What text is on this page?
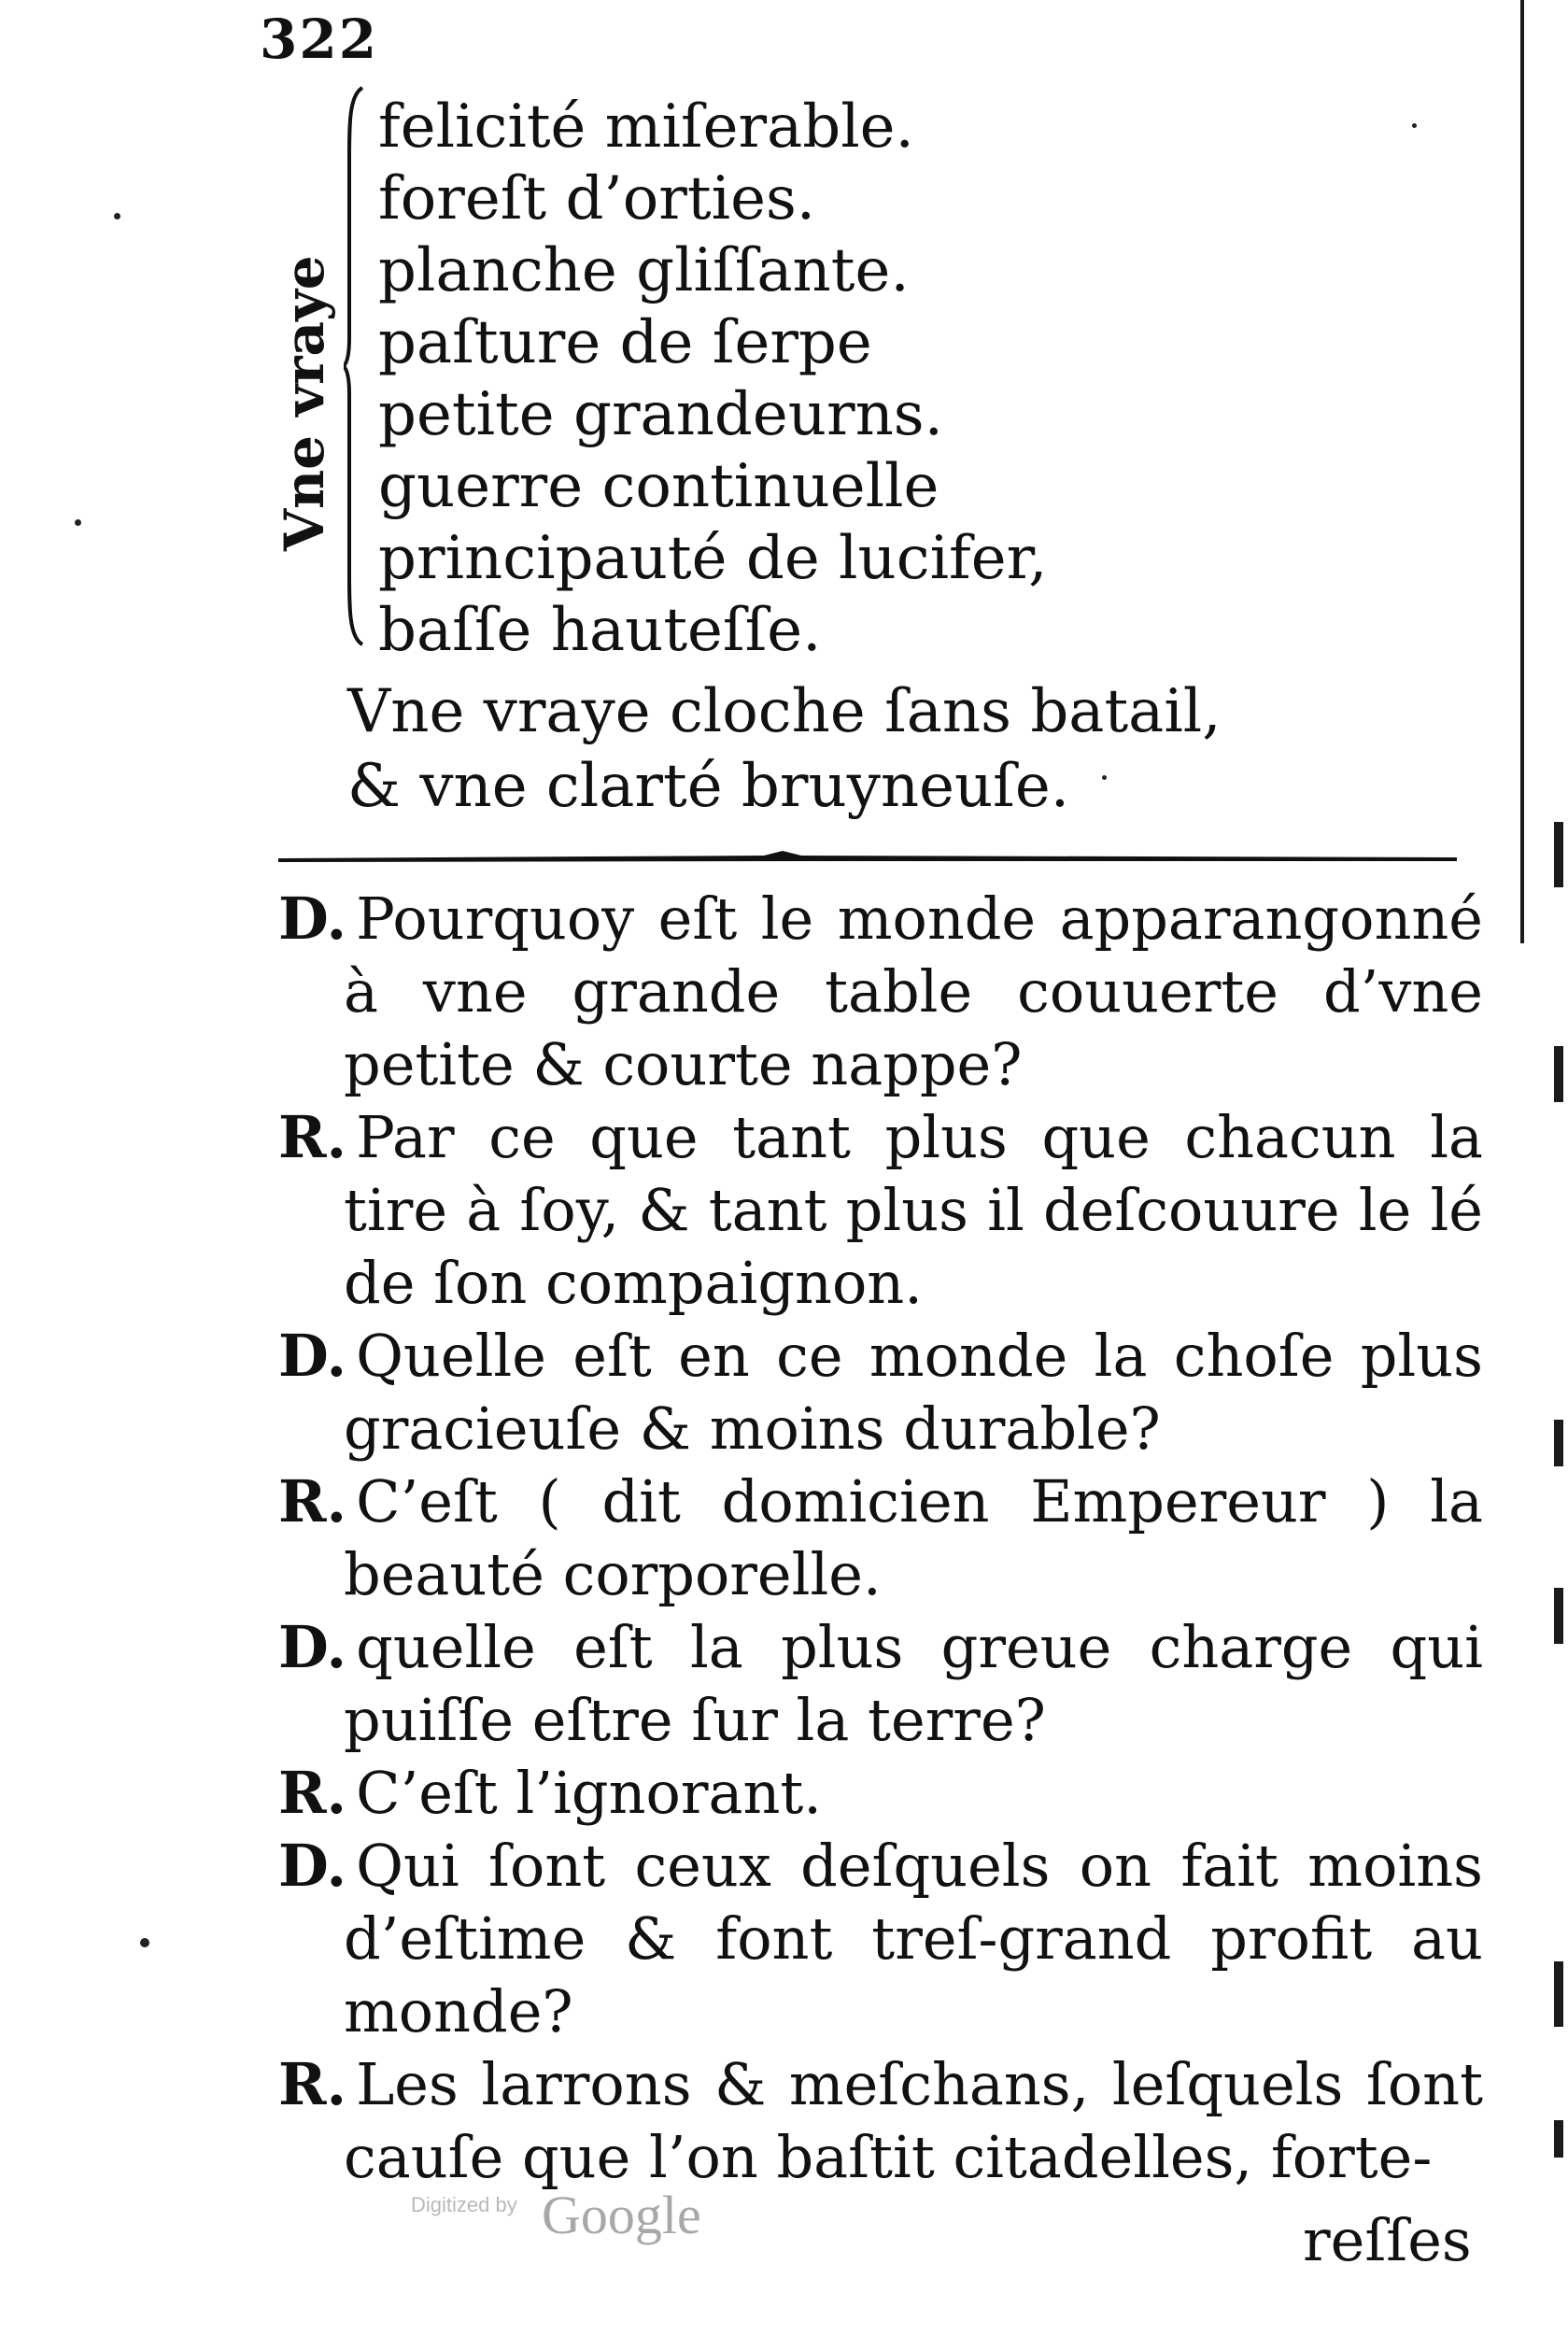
322
Vne vraye
felicité miſerable.
foreſt d’orties.
planche gliſſante.
paſture de ſerpe
petite grandeurns.
guerre continuelle
principauté de lucifer,
baſſe hauteſſe.
Vne vraye cloche ſans batail,
& vne clarté bruyneuſe.

D. Pourquoy eſt le monde apparangonné à vne grande table couuerte d’vne petite & courte nappe?

R. Par ce que tant plus que chacun la tire à ſoy, & tant plus il deſcouure le lé de ſon compaignon.

D. Quelle eſt en ce monde la choſe plus gracieuſe & moins durable?

R. C’eſt ( dit domicien Empereur ) la beauté corporelle.

D. quelle eſt la plus greue charge qui puiſſe eſtre ſur la terre?

R. C’eſt l’ignorant.

D. Qui ſont ceux deſquels on fait moins d’eſtime & font treſ-grand profit au monde?

R. Les larrons & meſchans, leſquels ſont cauſe que l’on baſtit citadelles, forte-

Digitized by Google	reſſes
